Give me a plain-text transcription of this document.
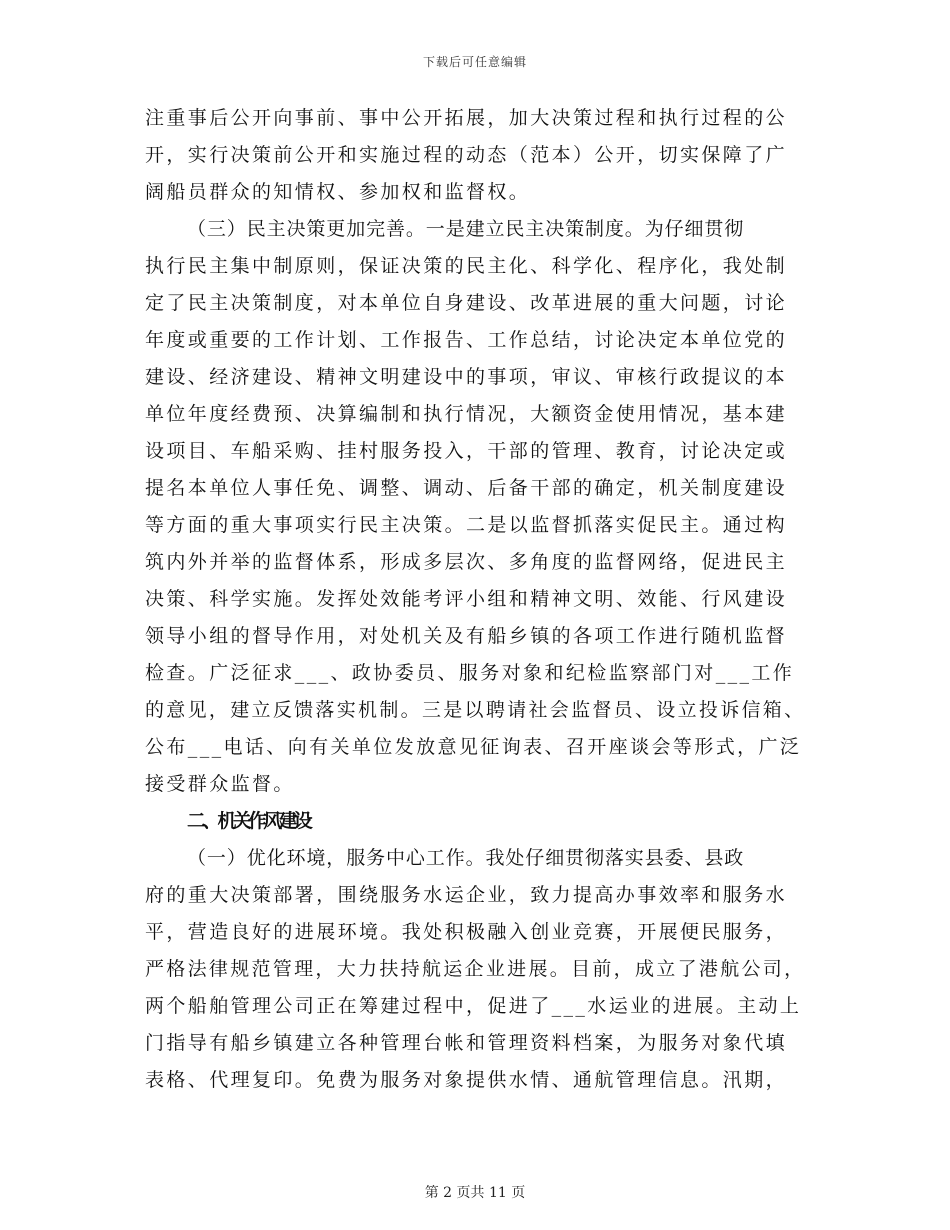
下载后可任意编辑
注重事后公开向事前、事中公开拓展，加大决策过程和执行过程的公
开，实行决策前公开和实施过程的动态（范本）公开，切实保障了广
阔船员群众的知情权、参加权和监督权。
（三）民主决策更加完善。一是建立民主决策制度。为仔细贯彻
执行民主集中制原则，保证决策的民主化、科学化、程序化，我处制
定了民主决策制度，对本单位自身建设、改革进展的重大问题，讨论
年度或重要的工作计划、工作报告、工作总结，讨论决定本单位党的
建设、经济建设、精神文明建设中的事项，审议、审核行政提议的本
单位年度经费预、决算编制和执行情况，大额资金使用情况，基本建
设项目、车船采购、挂村服务投入，干部的管理、教育，讨论决定或
提名本单位人事任免、调整、调动、后备干部的确定，机关制度建设
等方面的重大事项实行民主决策。二是以监督抓落实促民主。通过构
筑内外并举的监督体系，形成多层次、多角度的监督网络，促进民主
决策、科学实施。发挥处效能考评小组和精神文明、效能、行风建设
领导小组的督导作用，对处机关及有船乡镇的各项工作进行随机监督
检查。广泛征求___、政协委员、服务对象和纪检监察部门对___工作
的意见，建立反馈落实机制。三是以聘请社会监督员、设立投诉信箱、
公布___电话、向有关单位发放意见征询表、召开座谈会等形式，广泛
接受群众监督。
二、机关作风建设
（一）优化环境，服务中心工作。我处仔细贯彻落实县委、县政
府的重大决策部署，围绕服务水运企业，致力提高办事效率和服务水
平，营造良好的进展环境。我处积极融入创业竞赛，开展便民服务，
严格法律规范管理，大力扶持航运企业进展。目前，成立了港航公司，
两个船舶管理公司正在筹建过程中，促进了___水运业的进展。主动上
门指导有船乡镇建立各种管理台帐和管理资料档案，为服务对象代填
表格、代理复印。免费为服务对象提供水情、通航管理信息。汛期，
第 2 页共 11 页
